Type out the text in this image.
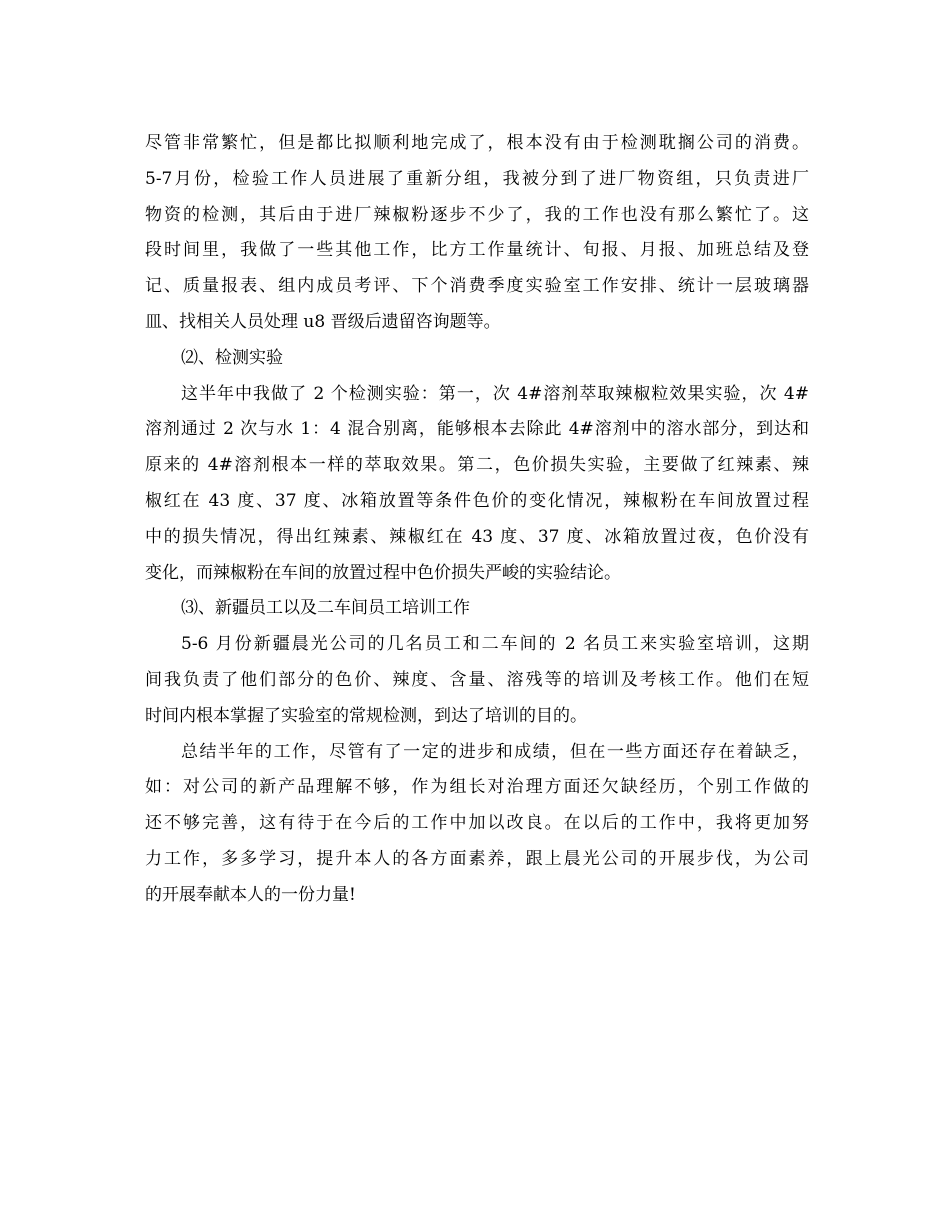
尽管非常繁忙，但是都比拟顺利地完成了，根本没有由于检测耽搁公司的消费。
5-7月份，检验工作人员进展了重新分组，我被分到了进厂物资组，只负责进厂
物资的检测，其后由于进厂辣椒粉逐步不少了，我的工作也没有那么繁忙了。这
段时间里，我做了一些其他工作，比方工作量统计、旬报、月报、加班总结及登
记、质量报表、组内成员考评、下个消费季度实验室工作安排、统计一层玻璃器
皿、找相关人员处理 u8 晋级后遗留咨询题等。
⑵、检测实验
这半年中我做了 2 个检测实验：第一，次 4#溶剂萃取辣椒粒效果实验，次 4#
溶剂通过 2 次与水 1：4 混合别离，能够根本去除此 4#溶剂中的溶水部分，到达和
原来的 4#溶剂根本一样的萃取效果。第二，色价损失实验，主要做了红辣素、辣
椒红在 43 度、37 度、冰箱放置等条件色价的变化情况，辣椒粉在车间放置过程
中的损失情况，得出红辣素、辣椒红在 43 度、37 度、冰箱放置过夜，色价没有
变化，而辣椒粉在车间的放置过程中色价损失严峻的实验结论。
⑶、新疆员工以及二车间员工培训工作
5-6 月份新疆晨光公司的几名员工和二车间的 2 名员工来实验室培训，这期
间我负责了他们部分的色价、辣度、含量、溶残等的培训及考核工作。他们在短
时间内根本掌握了实验室的常规检测，到达了培训的目的。
总结半年的工作，尽管有了一定的进步和成绩，但在一些方面还存在着缺乏，
如：对公司的新产品理解不够，作为组长对治理方面还欠缺经历，个别工作做的
还不够完善，这有待于在今后的工作中加以改良。在以后的工作中，我将更加努
力工作，多多学习，提升本人的各方面素养，跟上晨光公司的开展步伐，为公司
的开展奉献本人的一份力量!
